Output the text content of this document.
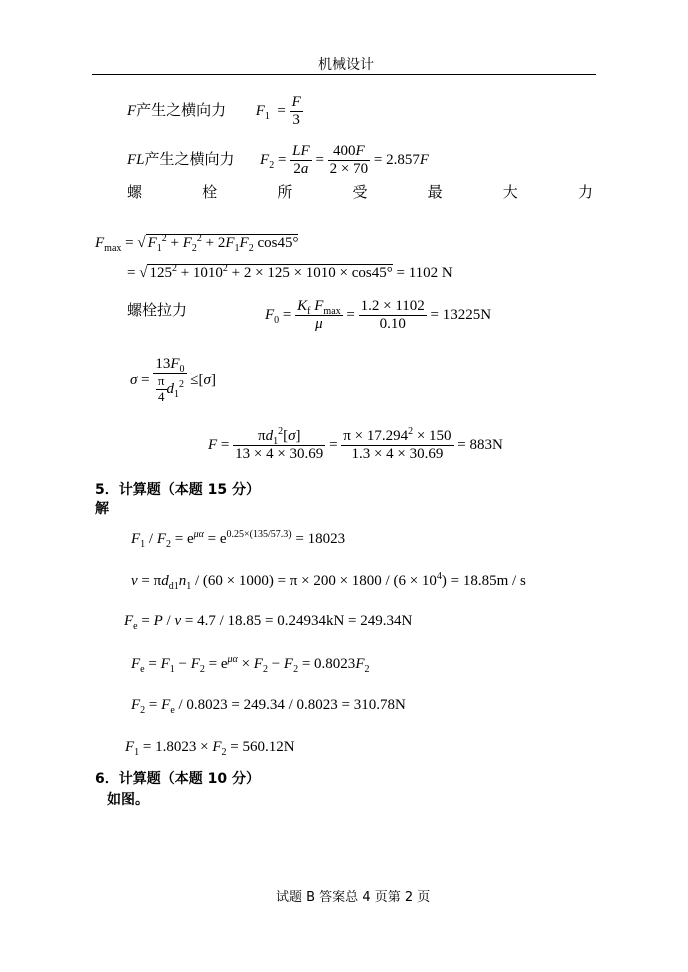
机械设计
F产生之横向力 $F_1 = \frac{F}{3}$
FL产生之横向力 $F_2 = \frac{LF}{2a} = \frac{400F}{2 \times 70} = 2.857F$
螺	栓	所	受	最	大	力
$F_{max}$ = √ $F_1^2 + F_2^2 + 2F_1F_2$ cos45°
= √ $125^2 + 1010^2 + 2 \times 125 \times 1010 \times \cos 45^\circ = 1102$ N
螺栓拉力	$F_0 = \frac{K_f F_{max}}{\mu} = \frac{1.2 \times 1102}{0.10} = 13225N$
$\sigma = \frac{13F_0}{\frac{\pi}{4} d_1^2} \le[\sigma]$
$F = \frac{\pi d_1^2[\sigma]}{13 \times 4 \times 30.69} = \frac{\pi \times 17.294^2 \times 150}{1.3 \times 4 \times 30.69} = 883N$
5．计算题（本题 15 分）
解
$F_1 / F_2 = e^{\mu\alpha} = e^{0.25\times(135/57.3)} = 18023$
$v = \pi d_{d1}n_1 / (60 \times 1000) = \pi \times 200 \times 1800 / (6 \times 10^4) = 18.85m / s$
$F_e = P / v = 4.7 / 18.85 = 0.24934kN = 249.34N$
$F_e = F_1 - F_2 = e^{\mu\alpha} \times F_2 - F_2 = 0.8023F_2$
$F_2 = F_e / 0.8023 = 249.34 / 0.8023 = 310.78N$
$F_1 = 1.8023 \times F_2 = 560.12N$
6．计算题（本题 10 分）
如图。
试题 B 答案总 4 页第 2 页
